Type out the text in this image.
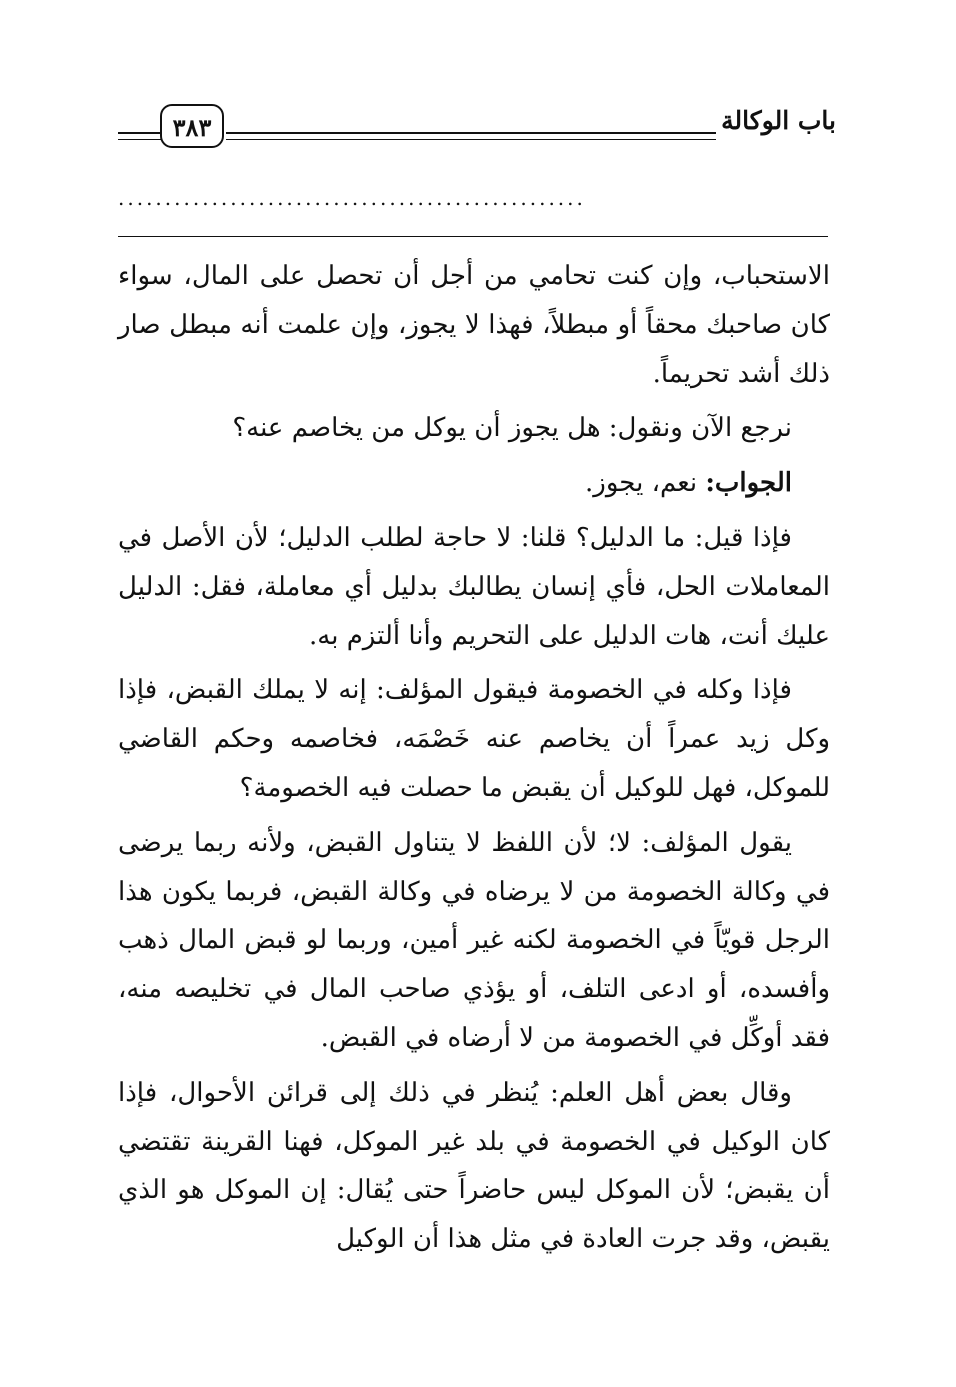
٣٨٣	باب الوكالة
..................................................

الاستحباب، وإن كنت تحامي من أجل أن تحصل على المال، سواء كان صاحبك محقاً أو مبطلاً، فهذا لا يجوز، وإن علمت أنه مبطل صار ذلك أشد تحريماً.

نرجع الآن ونقول: هل يجوز أن يوكل من يخاصم عنه؟

الجواب: نعم، يجوز.

فإذا قيل: ما الدليل؟ قلنا: لا حاجة لطلب الدليل؛ لأن الأصل في المعاملات الحل، فأي إنسان يطالبك بدليل أي معاملة، فقل: الدليل عليك أنت، هات الدليل على التحريم وأنا ألتزم به.

فإذا وكله في الخصومة فيقول المؤلف: إنه لا يملك القبض، فإذا وكل زيد عمراً أن يخاصم عنه خَصْمَه، فخاصمه وحكم القاضي للموكل، فهل للوكيل أن يقبض ما حصلت فيه الخصومة؟

يقول المؤلف: لا؛ لأن اللفظ لا يتناول القبض، ولأنه ربما يرضى في وكالة الخصومة من لا يرضاه في وكالة القبض، فربما يكون هذا الرجل قويّاً في الخصومة لكنه غير أمين، وربما لو قبض المال ذهب وأفسده، أو ادعى التلف، أو يؤذي صاحب المال في تخليصه منه، فقد أوكِّل في الخصومة من لا أرضاه في القبض.

وقال بعض أهل العلم: يُنظر في ذلك إلى قرائن الأحوال، فإذا كان الوكيل في الخصومة في بلد غير الموكل، فهنا القرينة تقتضي أن يقبض؛ لأن الموكل ليس حاضراً حتى يُقال: إن الموكل هو الذي يقبض، وقد جرت العادة في مثل هذا أن الوكيل
